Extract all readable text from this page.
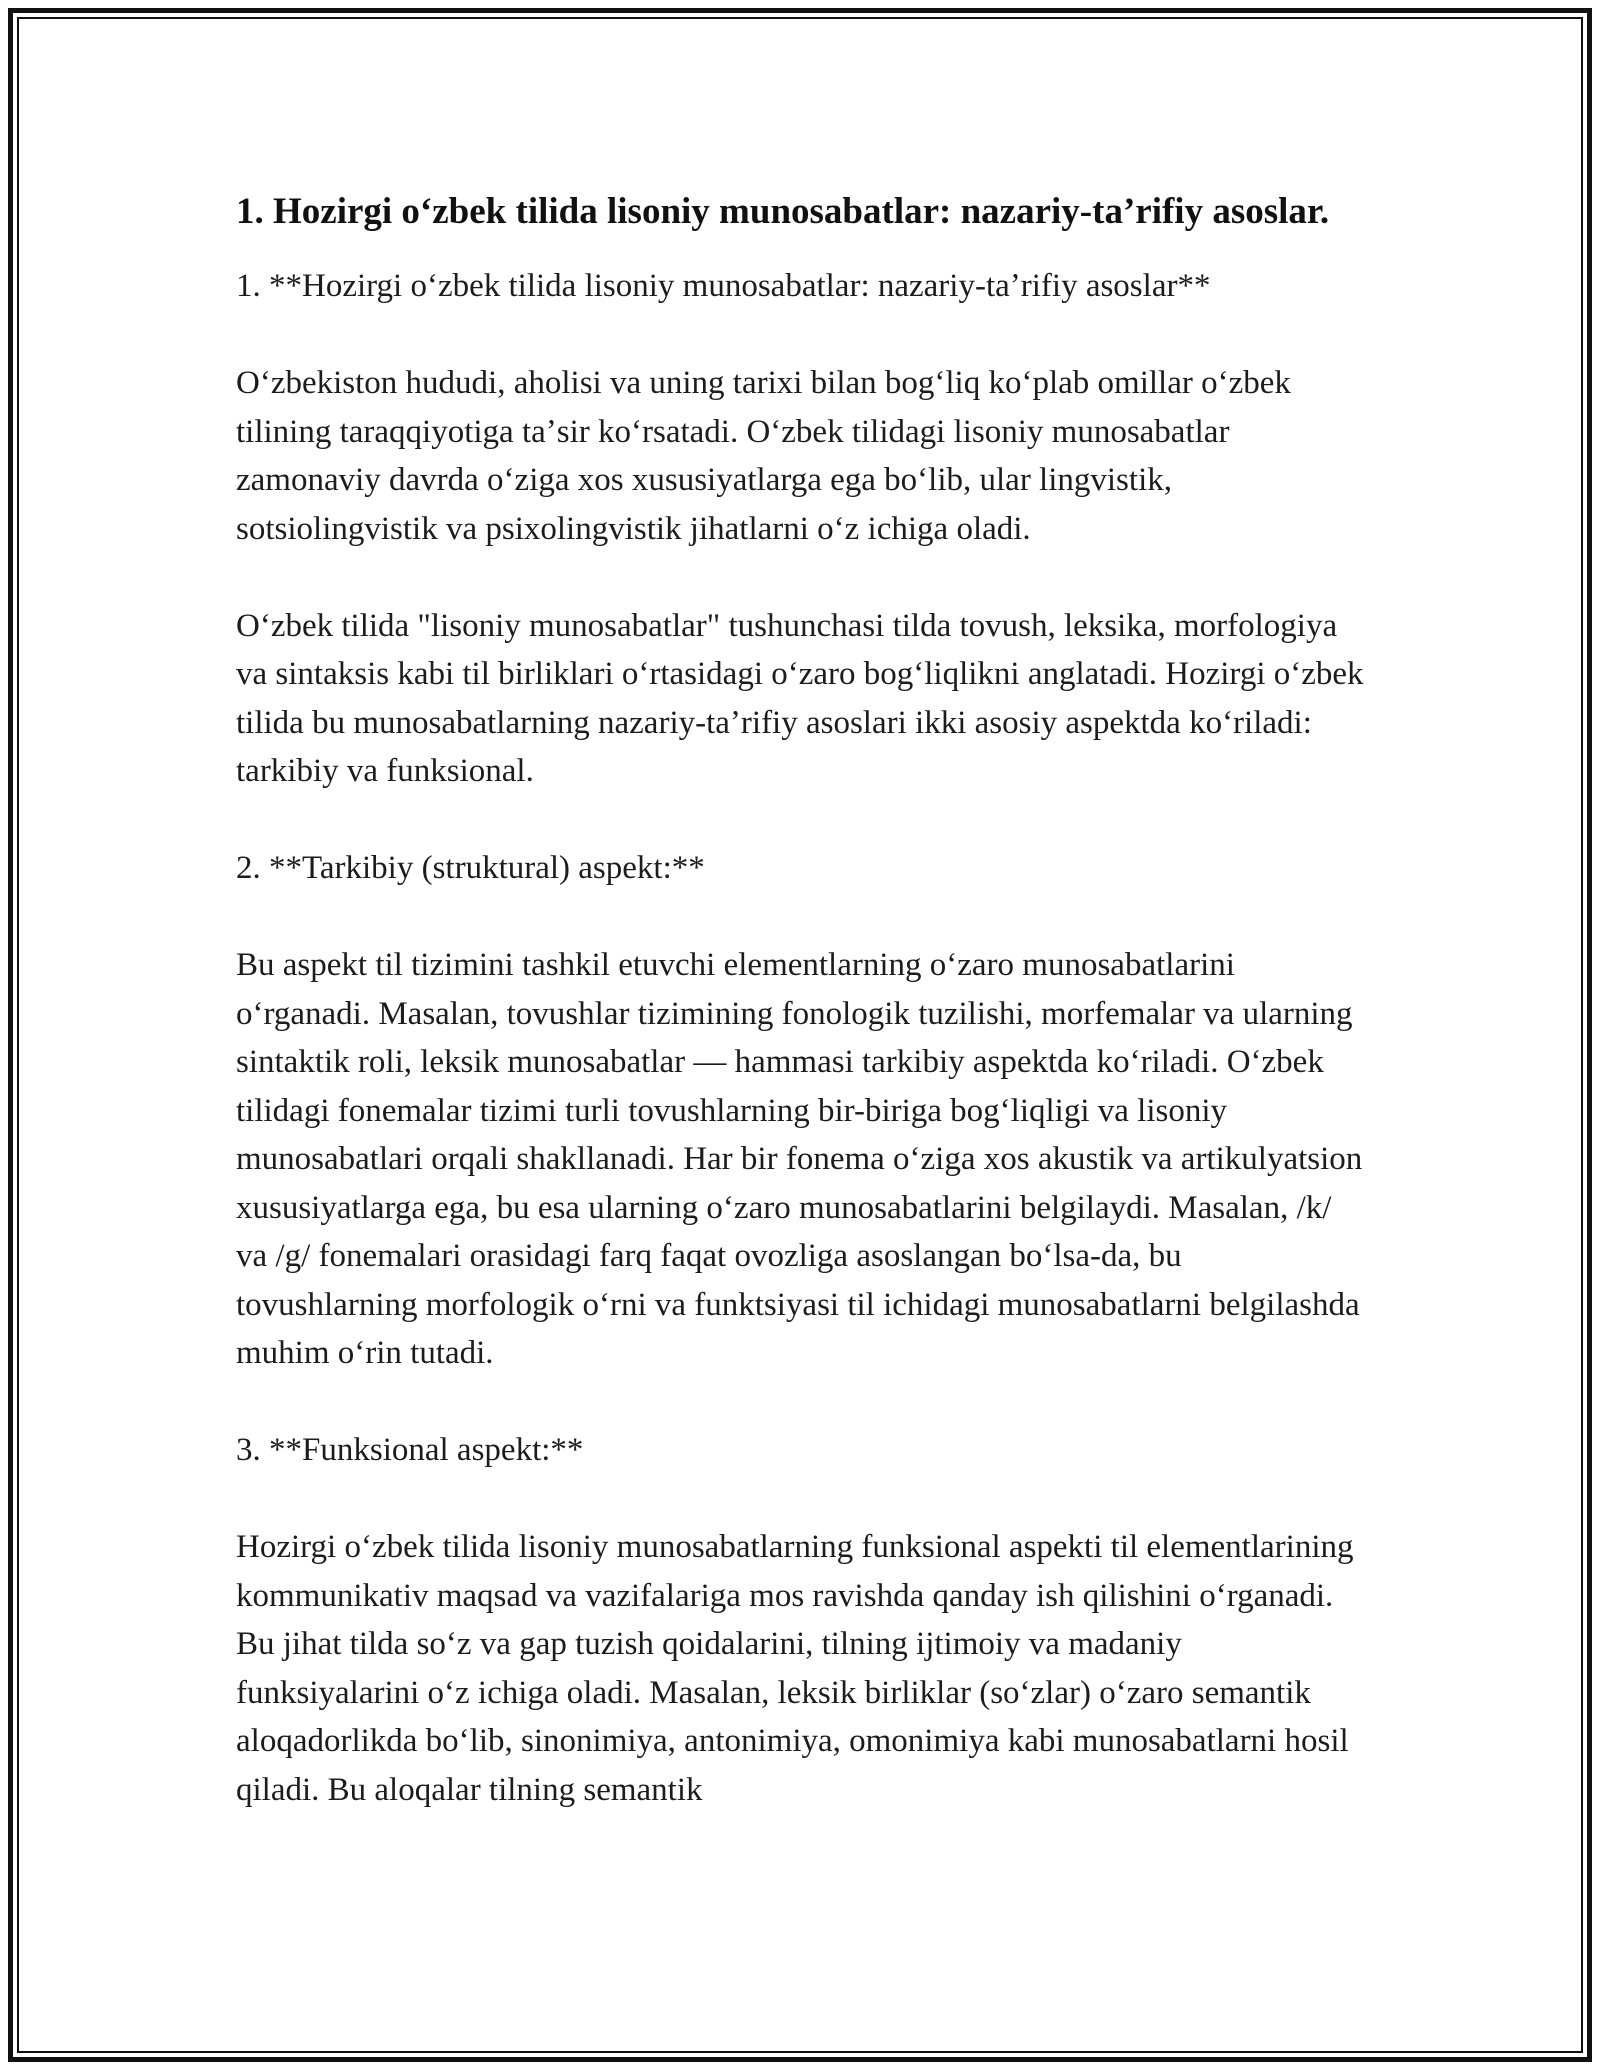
1. Hozirgi oʻzbek tilida lisoniy munosabatlar: nazariy-taʼrifiy asoslar.

1. **Hozirgi oʻzbek tilida lisoniy munosabatlar: nazariy-taʼrifiy asoslar**

Oʻzbekiston hududi, aholisi va uning tarixi bilan bogʻliq koʻplab omillar oʻzbek tilining taraqqiyotiga taʼsir koʻrsatadi. Oʻzbek tilidagi lisoniy munosabatlar zamonaviy davrda oʻziga xos xususiyatlarga ega boʻlib, ular lingvistik, sotsiolingvistik va psixolingvistik jihatlarni oʻz ichiga oladi.

Oʻzbek tilida "lisoniy munosabatlar" tushunchasi tilda tovush, leksika, morfologiya va sintaksis kabi til birliklari oʻrtasidagi oʻzaro bogʻliqlikni anglatadi. Hozirgi oʻzbek tilida bu munosabatlarning nazariy-taʼrifiy asoslari ikki asosiy aspektda koʻriladi: tarkibiy va funksional.

2. **Tarkibiy (struktural) aspekt:**

Bu aspekt til tizimini tashkil etuvchi elementlarning oʻzaro munosabatlarini oʻrganadi. Masalan, tovushlar tizimining fonologik tuzilishi, morfemalar va ularning sintaktik roli, leksik munosabatlar — hammasi tarkibiy aspektda koʻriladi. Oʻzbek tilidagi fonemalar tizimi turli tovushlarning bir-biriga bogʻliqligi va lisoniy munosabatlari orqali shakllanadi. Har bir fonema oʻziga xos akustik va artikulyatsion xususiyatlarga ega, bu esa ularning oʻzaro munosabatlarini belgilaydi. Masalan, /k/ va /g/ fonemalari orasidagi farq faqat ovozliga asoslangan boʻlsa-da, bu tovushlarning morfologik oʻrni va funktsiyasi til ichidagi munosabatlarni belgilashda muhim oʻrin tutadi.

3. **Funksional aspekt:**

Hozirgi oʻzbek tilida lisoniy munosabatlarning funksional aspekti til elementlarining kommunikativ maqsad va vazifalariga mos ravishda qanday ish qilishini oʻrganadi. Bu jihat tilda soʻz va gap tuzish qoidalarini, tilning ijtimoiy va madaniy funksiyalarini oʻz ichiga oladi. Masalan, leksik birliklar (soʻzlar) oʻzaro semantik aloqadorlikda boʻlib, sinonimiya, antonimiya, omonimiya kabi munosabatlarni hosil qiladi. Bu aloqalar tilning semantik
